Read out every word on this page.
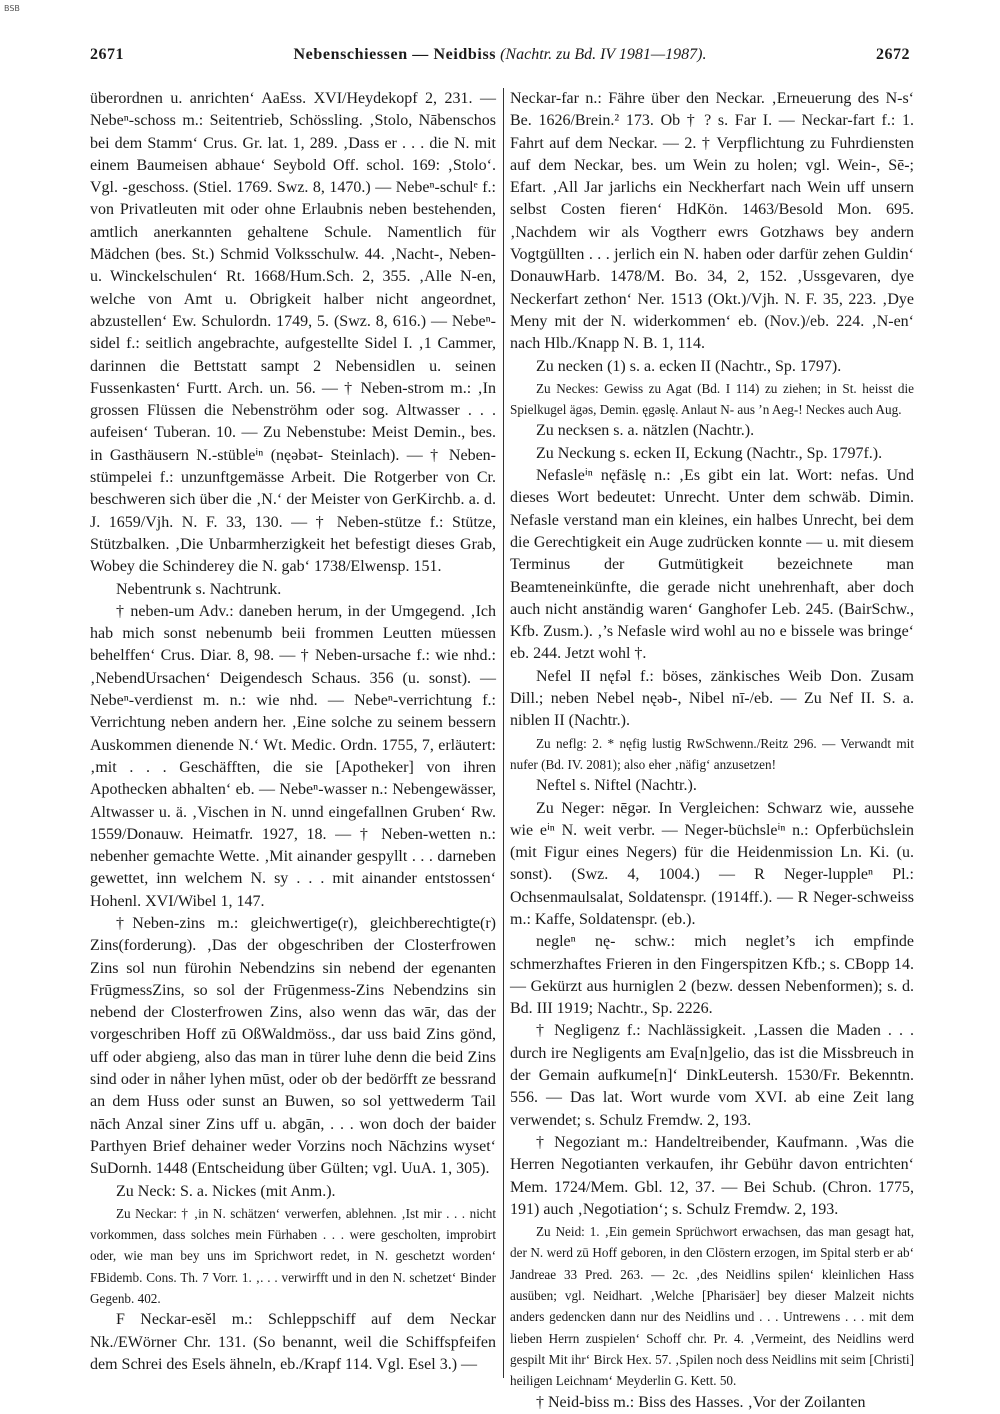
BSB
2671	Nebenschiessen — Neidbiss (Nachtr. zu Bd. IV 1981—1987).	2672

überordnen u. anrichten‘ AaEss. XVI/Heydekopf 2, 231. — Nebeⁿ-schoss m.: Seitentrieb, Schössling. ‚Stolo, Nābenschos bei dem Stamm‘ Crus. Gr. lat. 1, 289. ‚Dass er . . . die N. mit einem Baumeisen abhaue‘ Seybold Off. schol. 169: ‚Stolo‘. Vgl. -geschoss. (Stiel. 1769. Swz. 8, 1470.) — Nebeⁿ-schulᵉ f.: von Privatleuten mit oder ohne Erlaubnis neben bestehenden, amtlich anerkannten gehaltene Schule. Namentlich für Mädchen (bes. St.) Schmid Volksschulw. 44. ‚Nacht-, Neben- u. Winckelschulen‘ Rt. 1668/Hum.Sch. 2, 355. ‚Alle N-en, welche von Amt u. Obrigkeit halber nicht angeordnet, abzustellen‘ Ew. Schulordn. 1749, 5. (Swz. 8, 616.) — Nebeⁿ-sidel f.: seitlich angebrachte, aufgestellte Sidel I. ‚1 Cammer, darinnen die Bettstatt sampt 2 Nebensidlen u. seinen Fussenkasten‘ Furtt. Arch. un. 56. — † Neben-strom m.: ‚In grossen Flüssen die Nebenströhm oder sog. Altwasser . . . aufeisen‘ Tuberan. 10. — Zu Nebenstube: Meist Demin., bes. in Gasthäusern N.-stübleⁱⁿ (nęəbət- Steinlach). — † Neben-stümpelei f.: unzunftgemässe Arbeit. Die Rotgerber von Cr. beschweren sich über die ‚N.‘ der Meister von GerKirchb. a. d. J. 1659/Vjh. N. F. 33, 130. — † Neben-stütze f.: Stütze, Stützbalken. ‚Die Unbarmherzigkeit het befestigt dieses Grab, Wobey die Schinderey die N. gab‘ 1738/Elwensp. 151.

Nebentrunk s. Nachtrunk.

† neben-um Adv.: daneben herum, in der Umgegend. ‚Ich hab mich sonst nebenumb beii frommen Leutten müessen behelffen‘ Crus. Diar. 8, 98. — † Neben-ursache f.: wie nhd.: ‚NebendUrsachen‘ Deigendesch Schaus. 356 (u. sonst). — Nebeⁿ-verdienst m. n.: wie nhd. — Nebeⁿ-verrichtung f.: Verrichtung neben andern her. ‚Eine solche zu seinem bessern Auskommen dienende N.‘ Wt. Medic. Ordn. 1755, 7, erläutert: ‚mit . . . Geschäfften, die sie [Apotheker] von ihren Apothecken abhalten‘ eb. — Nebeⁿ-wasser n.: Nebengewässer, Altwasser u. ä. ‚Vischen in N. unnd eingefallnen Gruben‘ Rw. 1559/Donauw. Heimatfr. 1927, 18. — † Neben-wetten n.: nebenher gemachte Wette. ‚Mit ainander gespyllt . . . darneben gewettet, inn welchem N. sy . . . mit ainander entstossen‘ Hohenl. XVI/Wibel 1, 147.

†Neben-zins m.: gleichwertige(r), gleichberechtigte(r) Zins(forderung). ‚Das der obgeschriben der Closterfrowen Zins sol nun fürohin Nebendzins sin nebend der egenanten FrūgmessZins, so sol der Frūgenmess-Zins Nebendzins sin nebend der Closterfrowen Zins, also wenn das wār, das der vorgeschriben Hoff zū OßWaldmöss., dar uss baid Zins gönd, uff oder abgieng, also das man in türer luhe denn die beid Zins sind oder in nåher lyhen mūst, oder ob der bedörfft ze bessrand an dem Huss oder sunst an Buwen, so sol yettwederm Tail nāch Anzal siner Zins uff u. abgān, . . . won doch der baider Parthyen Brief dehainer weder Vorzins noch Nāchzins wyset‘ SuDornh. 1448 (Entscheidung über Gülten; vgl. UuA. 1, 305).

Zu Neck: S. a. Nickes (mit Anm.).

Zu Neckar: † ‚in N. schätzen‘ verwerfen, ablehnen. ‚Ist mir . . . nicht vorkommen, dass solches mein Fürhaben . . . were gescholten, improbirt oder, wie man bey uns im Sprichwort redet, in N. geschetzt worden‘ FBidemb. Cons. Th. 7 Vorr. 1. ‚. . . verwirfft und in den N. schetzet‘ Binder Gegenb. 402.

F Neckar-esĕl m.: Schleppschiff auf dem Neckar Nk./EWörner Chr. 131. (So benannt, weil die Schiffspfeifen dem Schrei des Esels ähneln, eb./Krapf 114. Vgl. Esel 3.) —

Neckar-far n.: Fähre über den Neckar. ‚Erneuerung des N-s‘ Be. 1626/Brein.² 173. Ob † ? s. Far I. — Neckar-fart f.: 1. Fahrt auf dem Neckar. — 2. † Verpflichtung zu Fuhrdiensten auf dem Neckar, bes. um Wein zu holen; vgl. Wein-, Sē-; Efart. ‚All Jar jarlichs ein Neckherfart nach Wein uff unsern selbst Costen fieren‘ HdKön. 1463/Besold Mon. 695. ‚Nachdem wir als Vogtherr ewrs Gotzhaws bey andern Vogtgüllten . . . jerlich ein N. haben oder darfür zehen Guldin‘ DonauwHarb. 1478/M. Bo. 34, 2, 152. ‚Ussgevaren, dye Neckerfart zethon‘ Ner. 1513 (Okt.)/Vjh. N. F. 35, 223. ‚Dye Meny mit der N. widerkommen‘ eb. (Nov.)/eb. 224. ‚N-en‘ nach Hlb./Knapp N. B. 1, 114.

Zu necken (1) s. a. ecken II (Nachtr., Sp. 1797).

Zu Neckes: Gewiss zu Agat (Bd. I 114) zu ziehen; in St. heisst die Spielkugel ägəs, Demin. ęgəslę. Anlaut N- aus ’n Aeg-! Neckes auch Aug.

Zu necksen s. a. nätzlen (Nachtr.).

Zu Neckung s. ecken II, Eckung (Nachtr., Sp. 1797f.).

Nefasleⁱⁿ nęfäslę n.: ‚Es gibt ein lat. Wort: nefas. Und dieses Wort bedeutet: Unrecht. Unter dem schwäb. Dimin. Nefasle verstand man ein kleines, ein halbes Unrecht, bei dem die Gerechtigkeit ein Auge zudrücken konnte — u. mit diesem Terminus der Gutmütigkeit bezeichnete man Beamteneinkünfte, die gerade nicht unehrenhaft, aber doch auch nicht anständig waren‘ Ganghofer Leb. 245. (BairSchw., Kfb. Zusm.). ‚’s Nefasle wird wohl au no e bissele was bringe‘ eb. 244. Jetzt wohl †.

Nefel II nęfəl f.: böses, zänkisches Weib Don. Zusam Dill.; neben Nebel nęəb-, Nibel nī-/eb. — Zu Nef II. S. a. niblen II (Nachtr.).

Zu neflg: 2. * nęfig lustig RwSchwenn./Reitz 296. — Verwandt mit nufer (Bd. IV. 2081); also eher ‚näfig‘ anzusetzen!

Neftel s. Niftel (Nachtr.).

Zu Neger: nēgər. In Vergleichen: Schwarz wie, aussehe wie eⁱⁿ N. weit verbr. — Neger-büchsleⁱⁿ n.: Opferbüchslein (mit Figur eines Negers) für die Heidenmission Ln. Ki. (u. sonst). (Swz. 4, 1004.) — R Neger-luppleⁿ Pl.: Ochsenmaulsalat, Soldatenspr. (1914ff.). — R Neger-schweiss m.: Kaffe, Soldatenspr. (eb.).

negleⁿ nę- schw.: mich neglet’s ich empfinde schmerzhaftes Frieren in den Fingerspitzen Kfb.; s. CBopp 14. — Gekürzt aus hurniglen 2 (bezw. dessen Nebenformen); s. d. Bd. III 1919; Nachtr., Sp. 2226.

† Negligenz f.: Nachlässigkeit. ‚Lassen die Maden . . . durch ire Negligents am Eva[n]gelio, das ist die Missbreuch in der Gemain aufkume[n]‘ DinkLeutersh. 1530/Fr. Bekenntn. 556. — Das lat. Wort wurde vom XVI. ab eine Zeit lang verwendet; s. Schulz Fremdw. 2, 193.

† Negoziant m.: Handeltreibender, Kaufmann. ‚Was die Herren Negotianten verkaufen, ihr Gebühr davon entrichten‘ Mem. 1724/Mem. Gbl. 12, 37. — Bei Schub. (Chron. 1775, 191) auch ‚Negotiation‘; s. Schulz Fremdw. 2, 193.

Zu Neid: 1. ‚Ein gemein Sprüchwort erwachsen, das man gesagt hat, der N. werd zū Hoff geboren, in den Clōstern erzogen, im Spital sterb er ab‘ Jandreae 33 Pred. 263. — 2c. ‚des Neidlins spilen‘ kleinlichen Hass ausüben; vgl. Neidhart. ‚Welche [Pharisäer] bey dieser Malzeit nichts anders gedencken dann nur des Neidlins und . . . Untrewens . . . mit dem lieben Herrn zuspielen‘ Schoff chr. Pr. 4. ‚Vermeint, des Neidlins werd gespilt Mit ihr‘ Birck Hex. 57. ‚Spilen noch dess Neidlins mit seim [Christi] heiligen Leichnam‘ Meyderlin G. Kett. 50.

† Neid-biss m.: Biss des Hasses. ‚Vor der Zoilanten
